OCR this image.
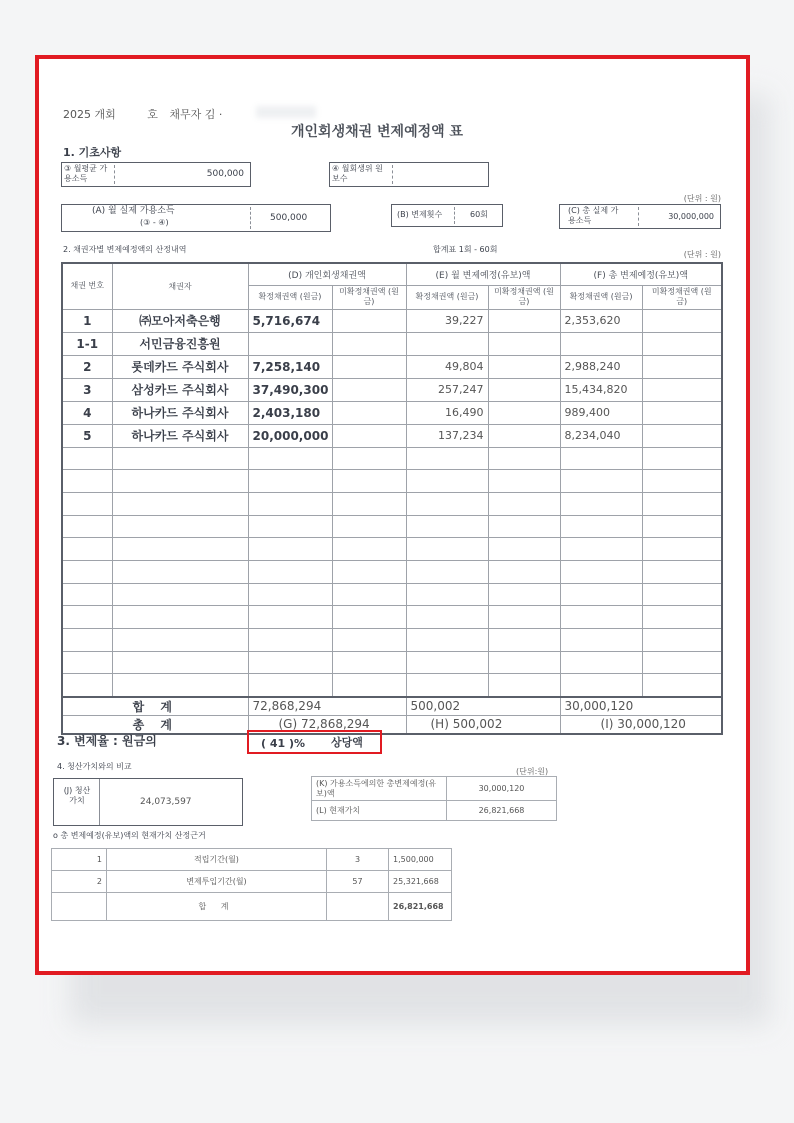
2025 개회	호 채무자 김 ·
개인회생채권 변제예정액 표
1. 기초사항
③ 월평균 가용소득	500,000
④ 월회생위 원 보수
(단위 : 원)
(A) 월 실제 가용소득
(③ - ④)	500,000	(B) 변제횟수	60회	(C) 총 실제 가용소득	30,000,000
2. 채권자별 변제예정액의 산정내역	합계표 1회 - 60회
(단위 : 원)
채권 번호	채권자	(D) 개인회생채권액		(E) 월 변제예정(유보)액		(F) 총 변제예정(유보)액	
		확정채권액 (원금)	미확정채권액 (원금)	확정채권액 (원금)	미확정채권액 (원금)	확정채권액 (원금)	미확정채권액 (원금)
1	㈜모아저축은행	5,716,674		39,227		2,353,620	
1-1	서민금융진흥원						
2	롯데카드 주식회사	7,258,140		49,804		2,988,240	
3	삼성카드 주식회사	37,490,300		257,247		15,434,820	
4	하나카드 주식회사	2,403,180		16,490		989,400	
5	하나카드 주식회사	20,000,000		137,234		8,234,040	

합 계		72,868,294		500,002		30,000,120	
총 계		(G) 72,868,294		(H) 500,002		(I) 30,000,120	
3. 변제율 : 원금의	( 41 )% 상당액
4. 청산가치와의 비교
(단위:원)
(J) 청산 가치	24,073,597
(K) 가용소득에의한 총변제예정(유보)액	30,000,120
(L) 현재가치	26,821,668
o 총 변제예정(유보)액의 현재가치 산정근거
1	적립기간(월)	3	1,500,000
2	변제투입기간(월)	57	25,321,668
	합 계		26,821,668
